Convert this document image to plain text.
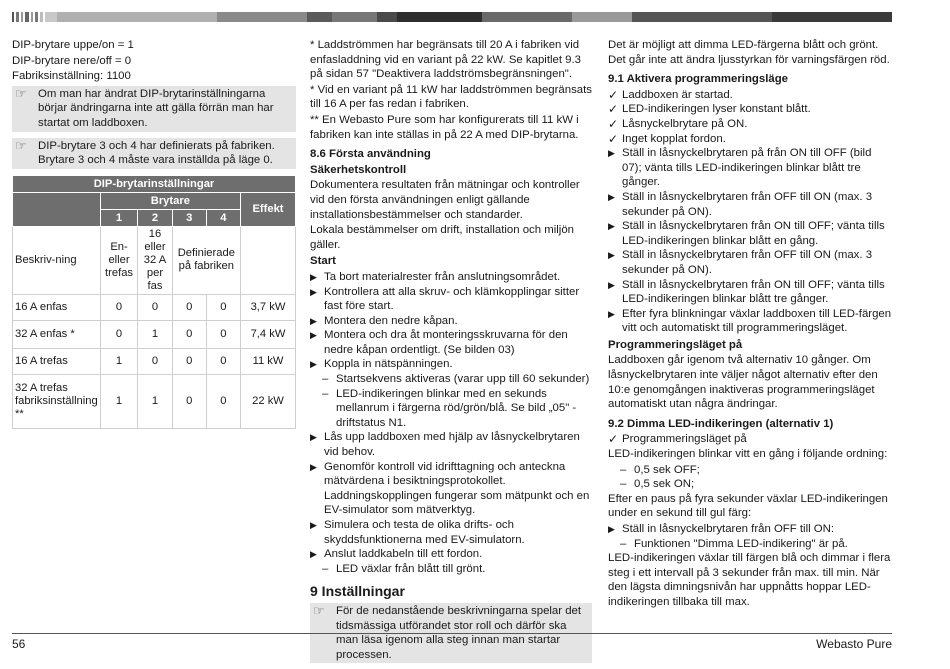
DIP-brytare uppe/on = 1

DIP-brytare nere/off = 0

Fabriksinställning: 1100

☞ Om man har ändrat DIP-brytarinställningarna börjar ändringarna inte att gälla förrän man har startat om laddboxen.
☞ DIP-brytare 3 och 4 har definierats på fabriken. Brytare 3 och 4 måste vara inställda på läge 0.
DIP-brytarinställningar					
	Brytare				Effekt
	1	2	3	4	
Beskriv-ning	En- eller trefas	16 eller 32 A per fas	Definierade på fabriken		
16 A enfas	0	0	0	0	3,7 kW
32 A enfas *	0	1	0	0	7,4 kW
16 A trefas	1	0	0	0	11 kW
32 A trefas fabriksinställning **	1	1	0	0	22 kW

* Laddströmmen har begränsats till 20 A i fabriken vid enfasladdning vid en variant på 22 kW. Se kapitlet 9.3 på sidan 57 "Deaktivera laddströmsbegränsningen".

* Vid en variant på 11 kW har laddströmmen begränsats till 16 A per fas redan i fabriken.

** En Webasto Pure som har konfigurerats till 11 kW i fabriken kan inte ställas in på 22 A med DIP-brytarna.

8.6 Första användning

Säkerhetskontroll

Dokumentera resultaten från mätningar och kontroller vid den första användningen enligt gällande installationsbestämmelser och standarder.

Lokala bestämmelser om drift, installation och miljön gäller.

Start

▶ Ta bort materialrester från anslutningsområdet.
▶ Kontrollera att alla skruv- och klämkopplingar sitter fast före start.
▶ Montera den nedre kåpan.
▶ Montera och dra åt monteringsskruvarna för den nedre kåpan ordentligt. (Se bilden 03)
▶ Koppla in nätspänningen.
– Startsekvens aktiveras (varar upp till 60 sekunder)
– LED-indikeringen blinkar med en sekunds mellanrum i färgerna röd/grön/blå. Se bild „05" - driftstatus N1.
▶ Lås upp laddboxen med hjälp av låsnyckelbrytaren vid behov.
▶ Genomför kontroll vid idrifttagning och anteckna mätvärdena i besiktningsprotokollet. Laddningskopplingen fungerar som mätpunkt och en EV-simulator som mätverktyg.
▶ Simulera och testa de olika drifts- och skyddsfunktionerna med EV-simulatorn.
▶ Anslut laddkabeln till ett fordon.
– LED växlar från blått till grönt.

9 Inställningar

☞ För de nedanstående beskrivningarna spelar det tidsmässiga utförandet stor roll och därför ska man läsa igenom alla steg innan man startar processen.

Det är möjligt att dimma LED-färgerna blått och grönt. Det går inte att ändra ljusstyrkan för varningsfärgen röd.

9.1 Aktivera programmeringsläge

✓ Laddboxen är startad.
✓ LED-indikeringen lyser konstant blått.
✓ Låsnyckelbrytare på ON.
✓ Inget kopplat fordon.
▶ Ställ in låsnyckelbrytaren på från ON till OFF (bild 07); vänta tills LED-indikeringen blinkar blått tre gånger.
▶ Ställ in låsnyckelbrytaren från OFF till ON (max. 3 sekunder på ON).
▶ Ställ in låsnyckelbrytaren från ON till OFF; vänta tills LED-indikeringen blinkar blått en gång.
▶ Ställ in låsnyckelbrytaren från OFF till ON (max. 3 sekunder på ON).
▶ Ställ in låsnyckelbrytaren från ON till OFF; vänta tills LED-indikeringen blinkar blått tre gånger.
▶ Efter fyra blinkningar växlar laddboxen till LED-färgen vitt och automatiskt till programmeringsläget.

Programmeringsläget på

Laddboxen går igenom två alternativ 10 gånger. Om låsnyckelbrytaren inte väljer något alternativ efter den 10:e genomgången inaktiveras programmeringsläget automatiskt utan några ändringar.

9.2 Dimma LED-indikeringen (alternativ 1)

✓ Programmeringsläget på

LED-indikeringen blinkar vitt en gång i följande ordning:

– 0,5 sek OFF;
– 0,5 sek ON;

Efter en paus på fyra sekunder växlar LED-indikeringen under en sekund till gul färg:

▶ Ställ in låsnyckelbrytaren från OFF till ON:
– Funktionen "Dimma LED-indikering" är på.

LED-indikeringen växlar till färgen blå och dimmar i flera steg i ett intervall på 3 sekunder från max. till min. När den lägsta dimningsnivån har uppnåtts hoppar LED-indikeringen tillbaka till max.

56	Webasto Pure
